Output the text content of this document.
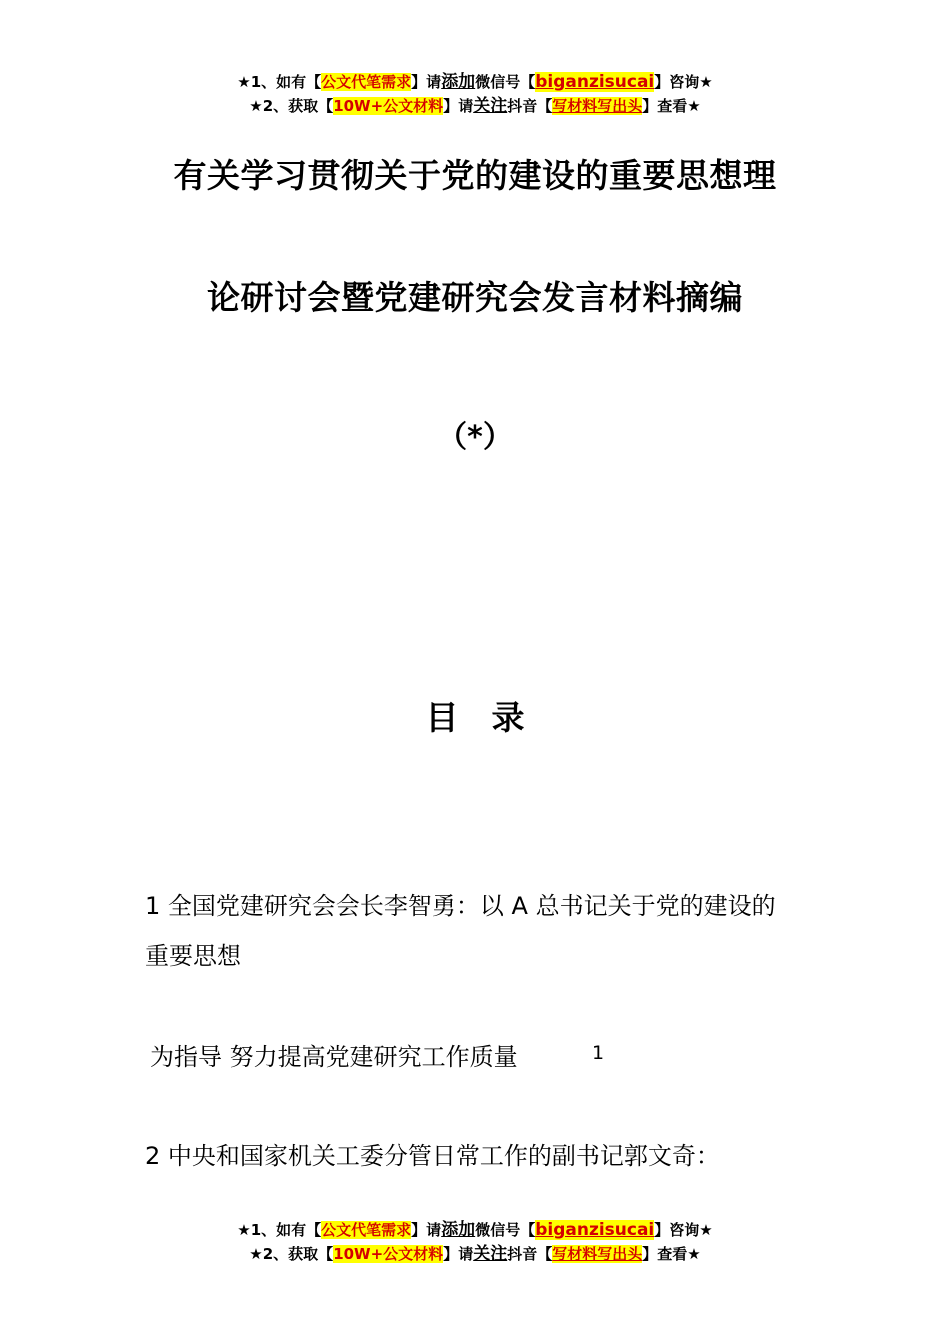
★1、如有【公文代笔需求】请添加微信号【biganzisucai】咨询★
★2、获取【10W+公文材料】请关注抖音【写材料写出头】查看★
有关学习贯彻关于党的建设的重要思想理
论研讨会暨党建研究会发言材料摘编
（*）
目　录
1 全国党建研究会会长李智勇：以 A 总书记关于党的建设的
重要思想
为指导 努力提高党建研究工作质量	1
2 中央和国家机关工委分管日常工作的副书记郭文奇：
★1、如有【公文代笔需求】请添加微信号【biganzisucai】咨询★
★2、获取【10W+公文材料】请关注抖音【写材料写出头】查看★
